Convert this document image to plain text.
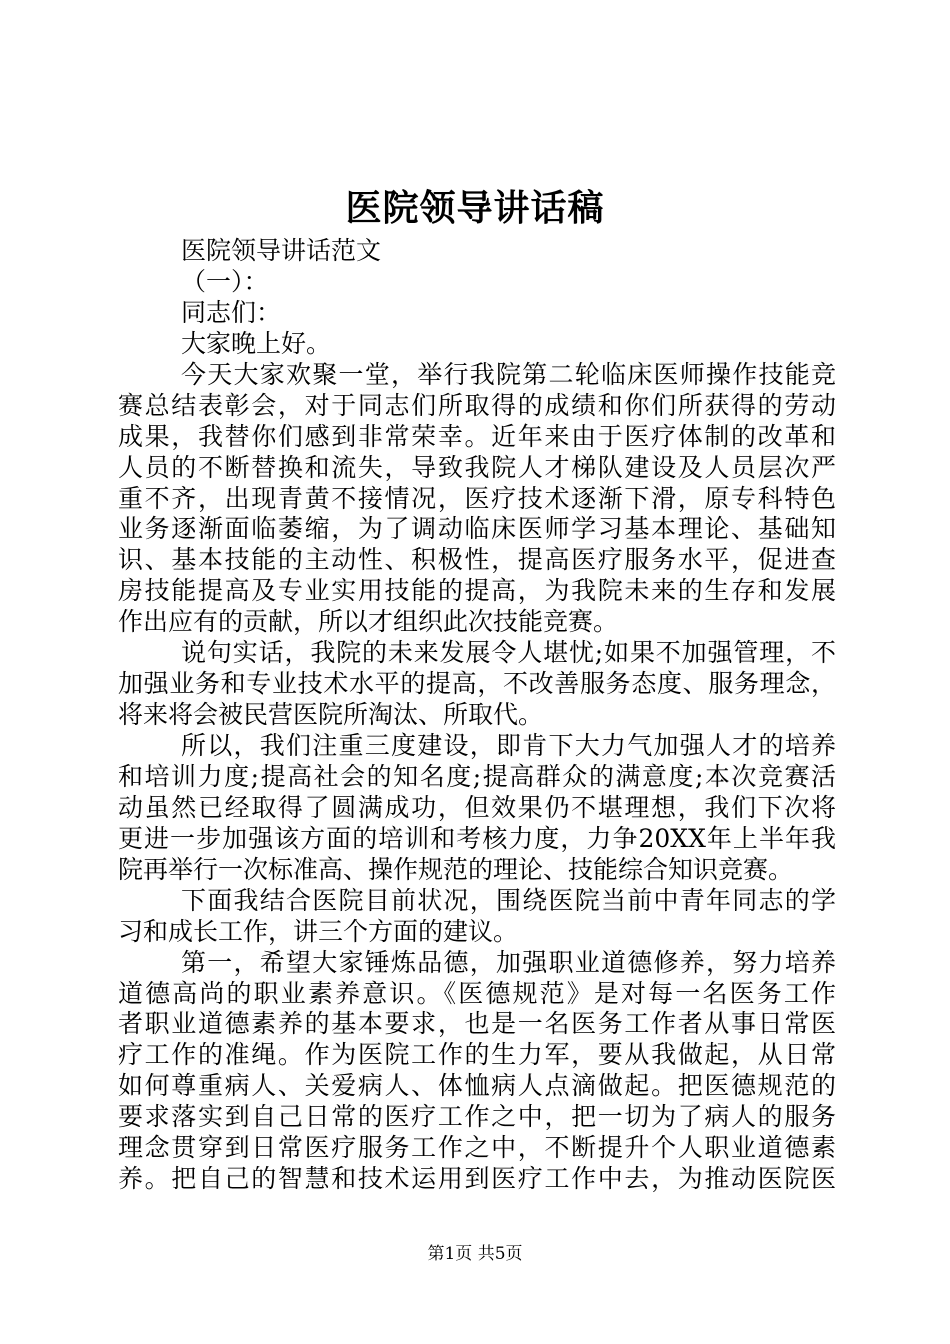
医院领导讲话稿
医院领导讲话范文
（一）：
同志们：
大家晚上好。
今天大家欢聚一堂，举行我院第二轮临床医师操作技能竞
赛总结表彰会，对于同志们所取得的成绩和你们所获得的劳动
成果，我替你们感到非常荣幸。近年来由于医疗体制的改革和
人员的不断替换和流失，导致我院人才梯队建设及人员层次严
重不齐，出现青黄不接情况，医疗技术逐渐下滑，原专科特色
业务逐渐面临萎缩，为了调动临床医师学习基本理论、基础知
识、基本技能的主动性、积极性，提高医疗服务水平，促进查
房技能提高及专业实用技能的提高，为我院未来的生存和发展
作出应有的贡献，所以才组织此次技能竞赛。
说句实话，我院的未来发展令人堪忧;如果不加强管理，不
加强业务和专业技术水平的提高，不改善服务态度、服务理念，
将来将会被民营医院所淘汰、所取代。
所以，我们注重三度建设，即肯下大力气加强人才的培养
和培训力度;提高社会的知名度;提高群众的满意度;本次竞赛活
动虽然已经取得了圆满成功，但效果仍不堪理想，我们下次将
更进一步加强该方面的培训和考核力度，力争20XX年上半年我
院再举行一次标准高、操作规范的理论、技能综合知识竞赛。
下面我结合医院目前状况，围绕医院当前中青年同志的学
习和成长工作，讲三个方面的建议。
第一，希望大家锤炼品德，加强职业道德修养，努力培养
道德高尚的职业素养意识。《医德规范》是对每一名医务工作
者职业道德素养的基本要求，也是一名医务工作者从事日常医
疗工作的准绳。作为医院工作的生力军，要从我做起，从日常
如何尊重病人、关爱病人、体恤病人点滴做起。把医德规范的
要求落实到自己日常的医疗工作之中，把一切为了病人的服务
理念贯穿到日常医疗服务工作之中，不断提升个人职业道德素
养。把自己的智慧和技术运用到医疗工作中去，为推动医院医
第1页 共5页
